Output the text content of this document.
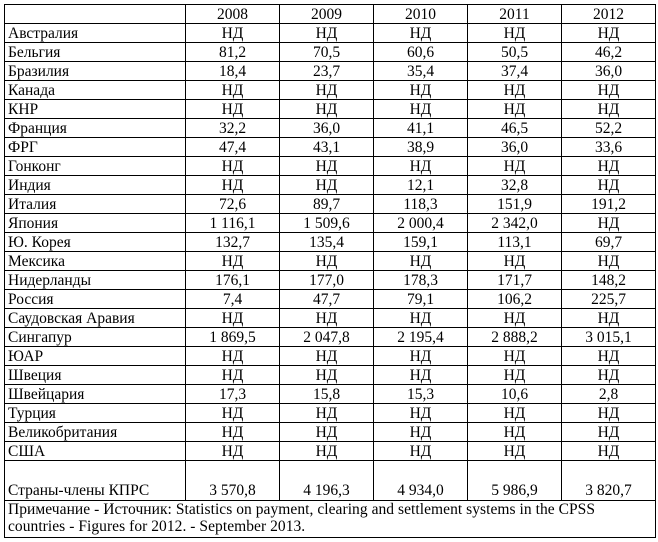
	2008	2009	2010	2011	2012
Австралия	НД	НД	НД	НД	НД
Бельгия	81,2	70,5	60,6	50,5	46,2
Бразилия	18,4	23,7	35,4	37,4	36,0
Канада	НД	НД	НД	НД	НД
КНР	НД	НД	НД	НД	НД
Франция	32,2	36,0	41,1	46,5	52,2
ФРГ	47,4	43,1	38,9	36,0	33,6
Гонконг	НД	НД	НД	НД	НД
Индия	НД	НД	12,1	32,8	НД
Италия	72,6	89,7	118,3	151,9	191,2
Япония	1 116,1	1 509,6	2 000,4	2 342,0	НД
Ю. Корея	132,7	135,4	159,1	113,1	69,7
Мексика	НД	НД	НД	НД	НД
Нидерланды	176,1	177,0	178,3	171,7	148,2
Россия	7,4	47,7	79,1	106,2	225,7
Саудовская Аравия	НД	НД	НД	НД	НД
Сингапур	1 869,5	2 047,8	2 195,4	2 888,2	3 015,1
ЮАР	НД	НД	НД	НД	НД
Швеция	НД	НД	НД	НД	НД
Швейцария	17,3	15,8	15,3	10,6	2,8
Турция	НД	НД	НД	НД	НД
Великобритания	НД	НД	НД	НД	НД
США	НД	НД	НД	НД	НД
Страны-члены КПРС	3 570,8	4 196,3	4 934,0	5 986,9	3 820,7
Примечание - Источник: Statistics on payment, clearing and settlement systems in the CPSS countries - Figures for 2012. - September 2013.					
